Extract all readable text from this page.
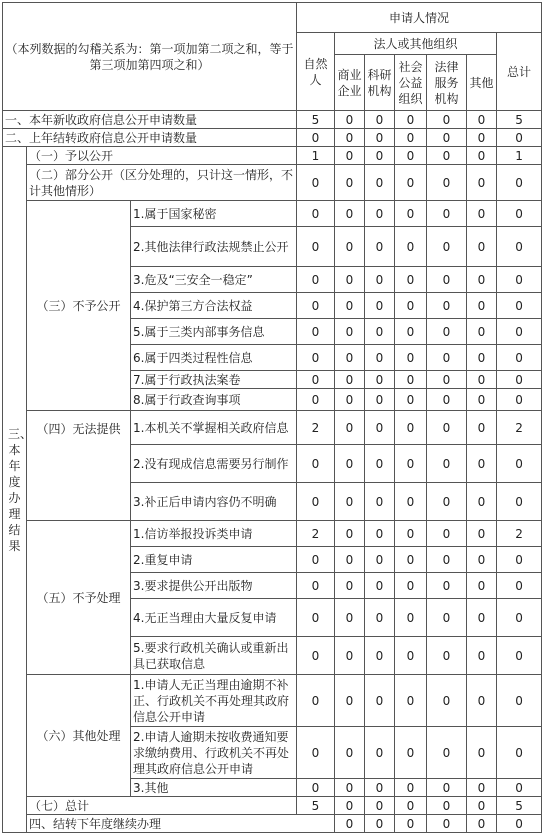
（本列数据的勾稽关系为：第一项加第二项之和，等于第三项加第四项之和）			申请人情况							
			自然人	法人或其他组织					总计	
				商业企业	科研机构	社会公益组织	法律服务机构	其他		
一、本年新收政府信息公开申请数量			5	0	0	0	0	0	5	
二、上年结转政府信息公开申请数量			0	0	0	0	0	0	0	

三、本年度办理结果	（一）予以公开		1	0	0	0	0	0	1	
	（二）部分公开（区分处理的，只计这一情形，不计其他情形）		0	0	0	0	0	0	0	
	（三）不予公开	1.属于国家秘密	0	0	0	0	0	0	0	
		2.其他法律行政法规禁止公开	0	0	0	0	0	0	0	
		3.危及“三安全一稳定”	0	0	0	0	0	0	0	
		4.保护第三方合法权益	0	0	0	0	0	0	0	
		5.属于三类内部事务信息	0	0	0	0	0	0	0	
		6.属于四类过程性信息	0	0	0	0	0	0	0	
		7.属于行政执法案卷	0	0	0	0	0	0	0	
		8.属于行政查询事项	0	0	0	0	0	0	0	
	（四）无法提供	1.本机关不掌握相关政府信息	2	0	0	0	0	0	2	
		2.没有现成信息需要另行制作	0	0	0	0	0	0	0	
		3.补正后申请内容仍不明确	0	0	0	0	0	0	0	
	（五）不予处理	1.信访举报投诉类申请	2	0	0	0	0	0	2	
		2.重复申请	0	0	0	0	0	0	0	
		3.要求提供公开出版物	0	0	0	0	0	0	0	
		4.无正当理由大量反复申请	0	0	0	0	0	0	0	
		5.要求行政机关确认或重新出具已获取信息	0	0	0	0	0	0	0	
	（六）其他处理	1.申请人无正当理由逾期不补正、行政机关不再处理其政府信息公开申请	0	0	0	0	0	0	0	
		2.申请人逾期未按收费通知要求缴纳费用、行政机关不再处理其政府信息公开申请	0	0	0	0	0	0	0	
		3.其他	0	0	0	0	0	0	0	
	（七）总计		5	0	0	0	0	0	5	
	四、结转下年度继续办理			0	0	0	0	0	0	
